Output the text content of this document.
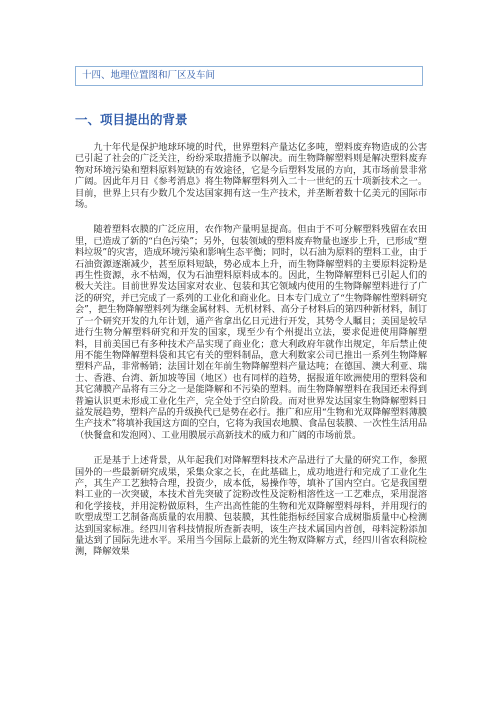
十四、地理位置图和厂区及车间
一、项目提出的背景

九十年代是保护地球环境的时代，世界塑料产量达亿多吨，塑料废弃物造成的公害已引起了社会的广泛关注，纷纷采取措施予以解决。而生物降解塑料则是解决塑料废弃物对环境污染和塑料原料短缺的有效途径，它是今后塑料发展的方向，其市场前景非常广阔。因此年月日《参考消息》将生物降解塑料列入二十一世纪的五十项新技术之一。目前，世界上只有少数几个发达国家拥有这一生产技术，并垄断着数十亿美元的国际市场。

随着塑料农膜的广泛应用，农作物产量明显提高。但由于不可分解塑料残留在农田里，已造成了新的“白色污染”；另外，包装领域的塑料废弃物量也逐步上升，已形成“塑料垃圾”的灾害，造成环境污染和影响生态平衡；同时，以石油为原料的塑料工业，由于石油资源逐渐减少，甚至原料短缺，势必成本上升，而生物降解塑料的主要原料淀粉是再生性资源，永不枯竭，仅为石油塑料原料成本的。因此，生物降解塑料已引起人们的极大关注。目前世界发达国家对农业、包装和其它领域内使用的生物降解塑料进行了广泛的研究，并已完成了一系列的工业化和商业化。日本专门成立了“生物降解性塑料研究会”，把生物降解塑料列为继金属材料、无机材料、高分子材料后的第四种新材料，制订了一个研究开发的九年计划，通产省拿出亿日元进行开发，其势令人瞩目；美国是较早进行生物分解塑料研究和开发的国家，现至少有个州提出立法，要求促进使用降解塑料，目前美国已有多种技术产品实现了商业化；意大利政府年就作出规定，年后禁止使用不能生物降解塑料袋和其它有关的塑料制品，意大利数家公司已推出一系列生物降解塑料产品，非常畅销；法国计划在年前生物降解塑料产量达吨；在德国、澳大利亚、瑞士、香港、台湾、新加坡等国（地区）也有同样的趋势，据报道年欧洲使用的塑料袋和其它薄膜产品将有三分之一是能降解和不污染的塑料。而生物降解塑料在我国还未得到普遍认识更未形成工业化生产，完全处于空白阶段。而对世界发达国家生物降解塑料日益发展趋势，塑料产品的升级换代已是势在必行。推广和应用“生物和光双降解塑料薄膜生产技术”将填补我国这方面的空白，它将为我国农地膜、食品包装膜、一次性生活用品（快餐盒和发泡网）、工业用膜展示高新技术的威力和广阔的市场前景。

正是基于上述背景，从年起我们对降解塑料技术产品进行了大量的研究工作，参照国外的一些最新研究成果，采集众家之长，在此基础上，成功地进行和完成了工业化生产，其生产工艺独特合理，投资少，成本低，易操作等，填补了国内空白。它是我国塑料工业的一次突破，本技术首先突破了淀粉改性及淀粉相溶性这一工艺难点，采用混溶和化学接枝，并用淀粉做原料，生产出高性能的生物和光双降解塑料母料，并用现行的吹塑成型工艺制备高质量的农用膜、包装膜，其性能指标经国家合成树脂质量中心检测达到国家标准。经四川省科技情报所查新表明，该生产技术属国内首创，母料淀粉添加量达到了国际先进水平。采用当今国际上最新的光生物双降解方式，经四川省农科院检测，降解效果
